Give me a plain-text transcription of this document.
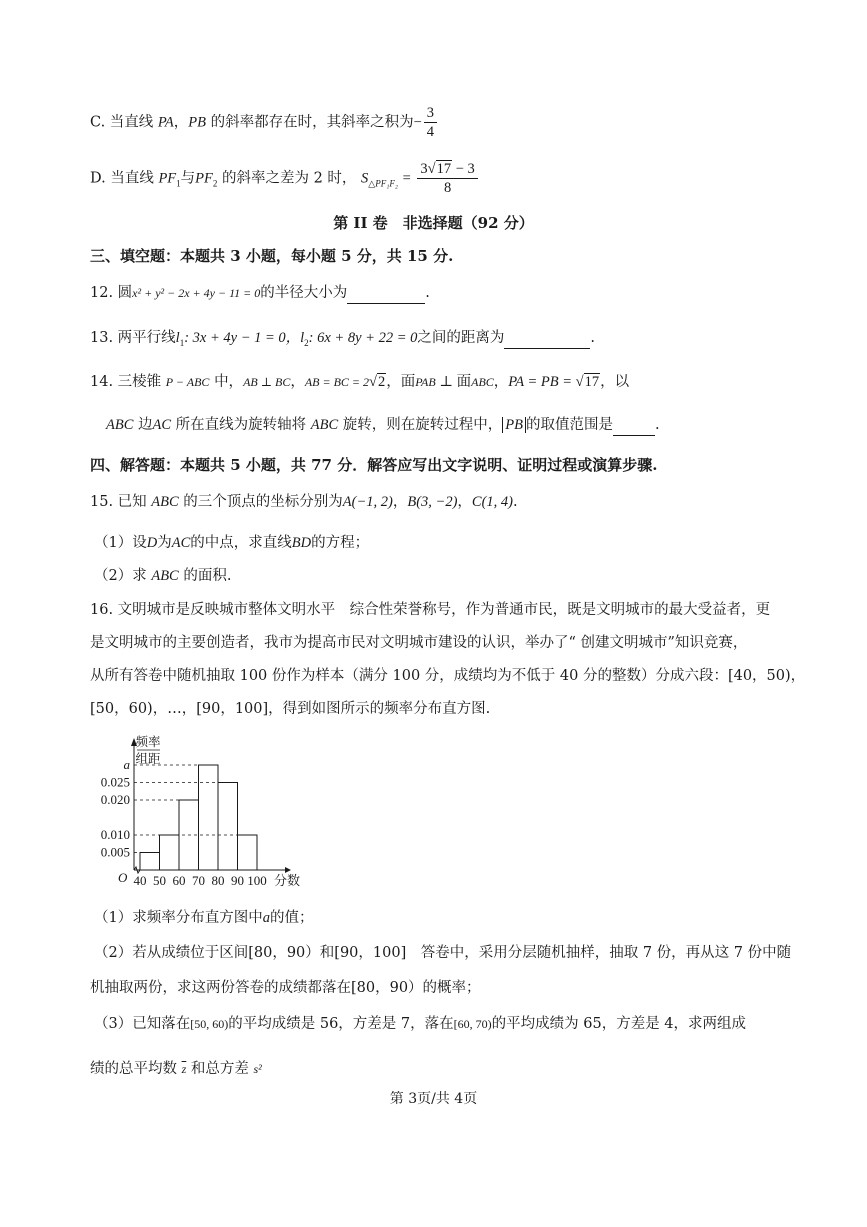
C. 当直线 PA，PB 的斜率都存在时，其斜率之积为− $\frac{3}{4}$
D. 当直线 $PF_1$与$PF_2$ 的斜率之差为 2 时， $S_{\triangle PF_1F_2} = \frac{3√17 - 3}{8}$
第 II 卷　非选择题（92 分）
三、填空题：本题共 3 小题，每小题 5 分，共 15 分.
12. 圆x² + y² − 2x + 4y − 11 = 0的半径大小为	.
13. 两平行线$l_1$: 3x + 4y − 1 = 0，$l_2$: 6x + 8y + 22 = 0之间的距离为	.
14. 三棱锥 P − ABC 中，AB ⊥ BC，AB = BC = 2√2，面PAB ⊥ 面ABC，PA = PB = √17，以
ABC 边AC 所在直线为旋转轴将 ABC 旋转，则在旋转过程中， PB 的取值范围是	.
四、解答题：本题共 5 小题，共 77 分．解答应写出文字说明、证明过程或演算步骤.
15. 已知 ABC 的三个顶点的坐标分别为A(−1, 2)，B(3, −2)，C(1, 4).
（1）设D为AC的中点，求直线BD的方程；
（2）求 ABC 的面积.
16. 文明城市是反映城市整体文明水平　综合性荣誉称号，作为普通市民，既是文明城市的最大受益者，更
是文明城市的主要创造者，我市为提高市民对文明城市建设的认识，举办了“ 创建文明城市”知识竞赛，
从所有答卷中随机抽取 100 份作为样本（满分 100 分，成绩均为不低于 40 分的整数）分成六段：[40，50)，
[50，60)，…，[90，100]，得到如图所示的频率分布直方图.
频率
组距
O
a
0.025
0.020
0.010
0.005
40 50 60 70 80 90 100 分数
（1）求频率分布直方图中a的值；
（2）若从成绩位于区间[80，90）和[90，100]　答卷中，采用分层随机抽样，抽取 7 份，再从这 7 份中随
机抽取两份，求这两份答卷的成绩都落在[80，90）的概率；
（3）已知落在[50, 60)的平均成绩是 56，方差是 7，落在[60, 70)的平均成绩为 65，方差是 4，求两组成
绩的总平均数 $\overline{z}$ 和总方差 s²
第 3页/共 4页
